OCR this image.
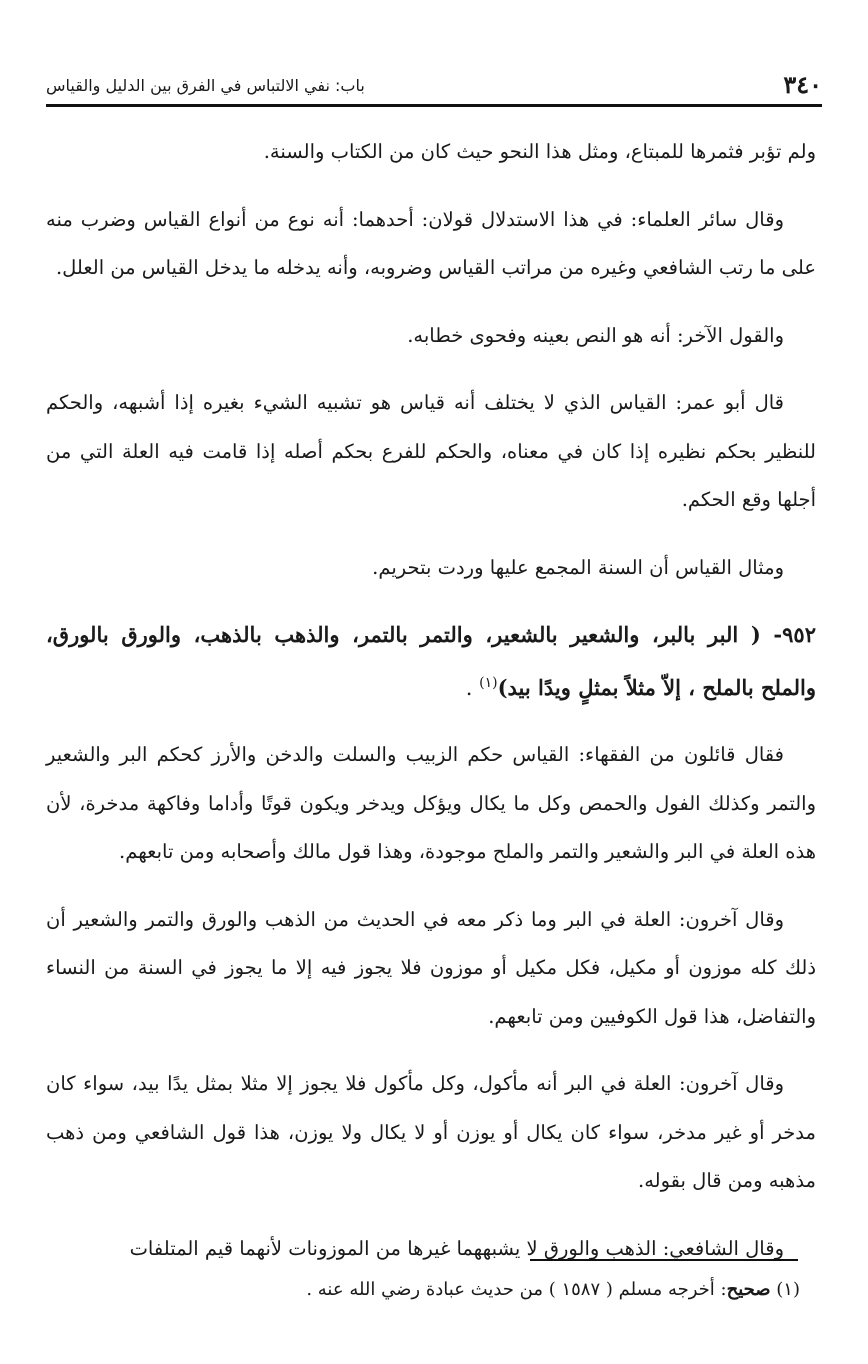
٣٤٠
باب: نفي الالتباس في الفرق بين الدليل والقياس

ولم تؤبر فثمرها للمبتاع، ومثل هذا النحو حيث كان من الكتاب والسنة.

وقال سائر العلماء: في هذا الاستدلال قولان: أحدهما: أنه نوع من أنواع القياس وضرب منه على ما رتب الشافعي وغيره من مراتب القياس وضروبه، وأنه يدخله ما يدخل القياس من العلل.

والقول الآخر: أنه هو النص بعينه وفحوى خطابه.

قال أبو عمر: القياس الذي لا يختلف أنه قياس هو تشبيه الشيء بغيره إذا أشبهه، والحكم للنظير بحكم نظيره إذا كان في معناه، والحكم للفرع بحكم أصله إذا قامت فيه العلة التي من أجلها وقع الحكم.

ومثال القياس أن السنة المجمع عليها وردت بتحريم.

٩٥٢- ( البر بالبر، والشعير بالشعير، والتمر بالتمر، والذهب بالذهب، والورق بالورق، والملح بالملح ، إلاّ مثلاً بمثلٍ ويدًا بيد)$^{(١)}$ .

فقال قائلون من الفقهاء: القياس حكم الزبيب والسلت والدخن والأرز كحكم البر والشعير والتمر وكذلك الفول والحمص وكل ما يكال ويؤكل ويدخر ويكون قوتًا وأداما وفاكهة مدخرة، لأن هذه العلة في البر والشعير والتمر والملح موجودة، وهذا قول مالك وأصحابه ومن تابعهم.

وقال آخرون: العلة في البر وما ذكر معه في الحديث من الذهب والورق والتمر والشعير أن ذلك كله موزون أو مكيل، فكل مكيل أو موزون فلا يجوز فيه إلا ما يجوز في السنة من النساء والتفاضل، هذا قول الكوفيين ومن تابعهم.

وقال آخرون: العلة في البر أنه مأكول، وكل مأكول فلا يجوز إلا مثلا بمثل يدًا بيد، سواء كان مدخر أو غير مدخر، سواء كان يكال أو يوزن أو لا يكال ولا يوزن، هذا قول الشافعي ومن ذهب مذهبه ومن قال بقوله.

وقال الشافعي: الذهب والورق لا يشبههما غيرها من الموزونات لأنهما قيم المتلفات

(١) صحيح: أخرجه مسلم ( ١٥٨٧ ) من حديث عبادة رضي الله عنه .
